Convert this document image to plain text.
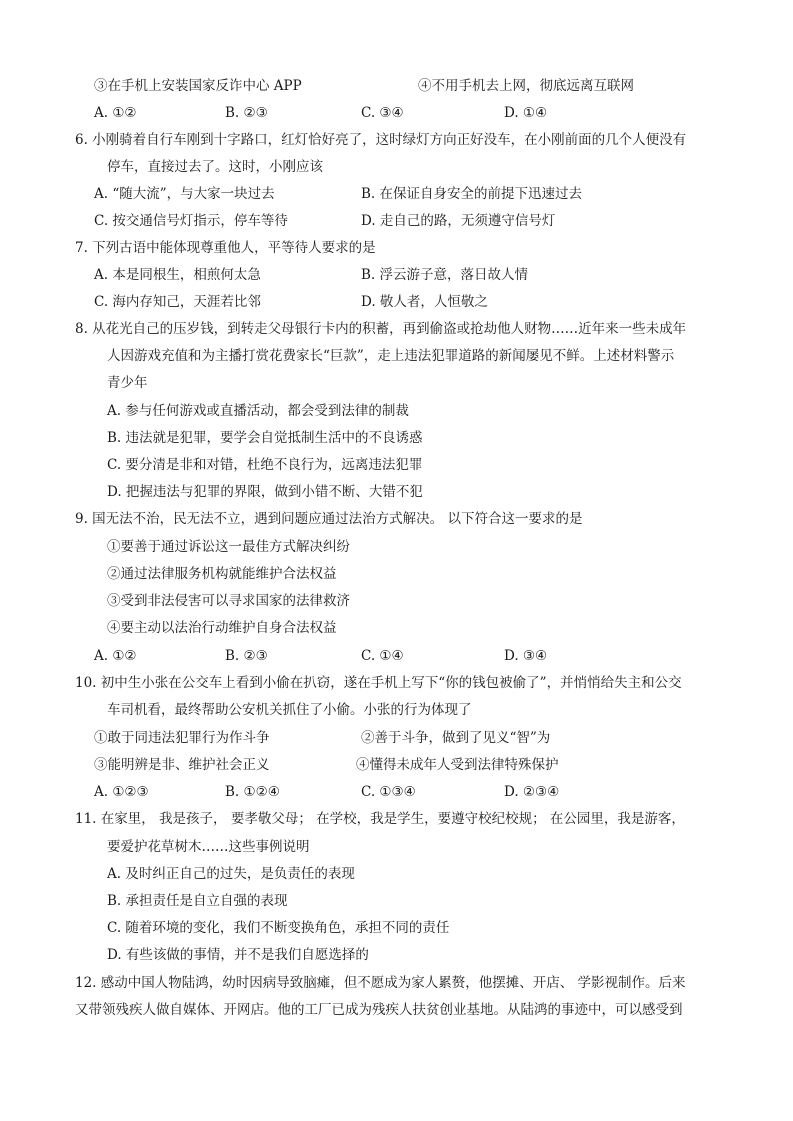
③在手机上安装国家反诈中心 APP	④不用手机去上网，彻底远离互联网
A. ①②	B. ②③	C. ③④	D. ①④
6. 小刚骑着自行车刚到十字路口，红灯恰好亮了，这时绿灯方向正好没车，在小刚前面的几个人便没有
停车，直接过去了。这时，小刚应该
A. “随大流”，与大家一块过去	B. 在保证自身安全的前提下迅速过去
C. 按交通信号灯指示，停车等待	D. 走自己的路，无须遵守信号灯
7. 下列古语中能体现尊重他人，平等待人要求的是
A. 本是同根生，相煎何太急	B. 浮云游子意，落日故人情
C. 海内存知己，天涯若比邻	D. 敬人者，人恒敬之
8. 从花光自己的压岁钱，到转走父母银行卡内的积蓄，再到偷盗或抢劫他人财物……近年来一些未成年
人因游戏充值和为主播打赏花费家长“巨款”，走上违法犯罪道路的新闻屡见不鲜。上述材料警示
青少年
A. 参与任何游戏或直播活动，都会受到法律的制裁
B. 违法就是犯罪，要学会自觉抵制生活中的不良诱惑
C. 要分清是非和对错，杜绝不良行为，远离违法犯罪
D. 把握违法与犯罪的界限，做到小错不断、大错不犯
9. 国无法不治，民无法不立，遇到问题应通过法治方式解决。 以下符合这一要求的是
①要善于通过诉讼这一最佳方式解决纠纷
②通过法律服务机构就能维护合法权益
③受到非法侵害可以寻求国家的法律救济
④要主动以法治行动维护自身合法权益
A. ①②	B. ②③	C. ①④	D. ③④
10. 初中生小张在公交车上看到小偷在扒窃，遂在手机上写下“你的钱包被偷了”，并悄悄给失主和公交
车司机看，最终帮助公安机关抓住了小偷。小张的行为体现了
①敢于同违法犯罪行为作斗争	②善于斗争，做到了见义“智”为
③能明辨是非、维护社会正义	④懂得未成年人受到法律特殊保护
A. ①②③	B. ①②④	C. ①③④	D. ②③④
11. 在家里， 我是孩子， 要孝敬父母； 在学校，我是学生，要遵守校纪校规； 在公园里，我是游客，
要爱护花草树木……这些事例说明
A. 及时纠正自己的过失，是负责任的表现
B. 承担责任是自立自强的表现
C. 随着环境的变化，我们不断变换角色，承担不同的责任
D. 有些该做的事情，并不是我们自愿选择的
12. 感动中国人物陆鸿，幼时因病导致脑瘫，但不愿成为家人累赘，他摆摊、开店、 学影视制作。后来
又带领残疾人做自媒体、开网店。他的工厂已成为残疾人扶贫创业基地。从陆鸿的事迹中，可以感受到
